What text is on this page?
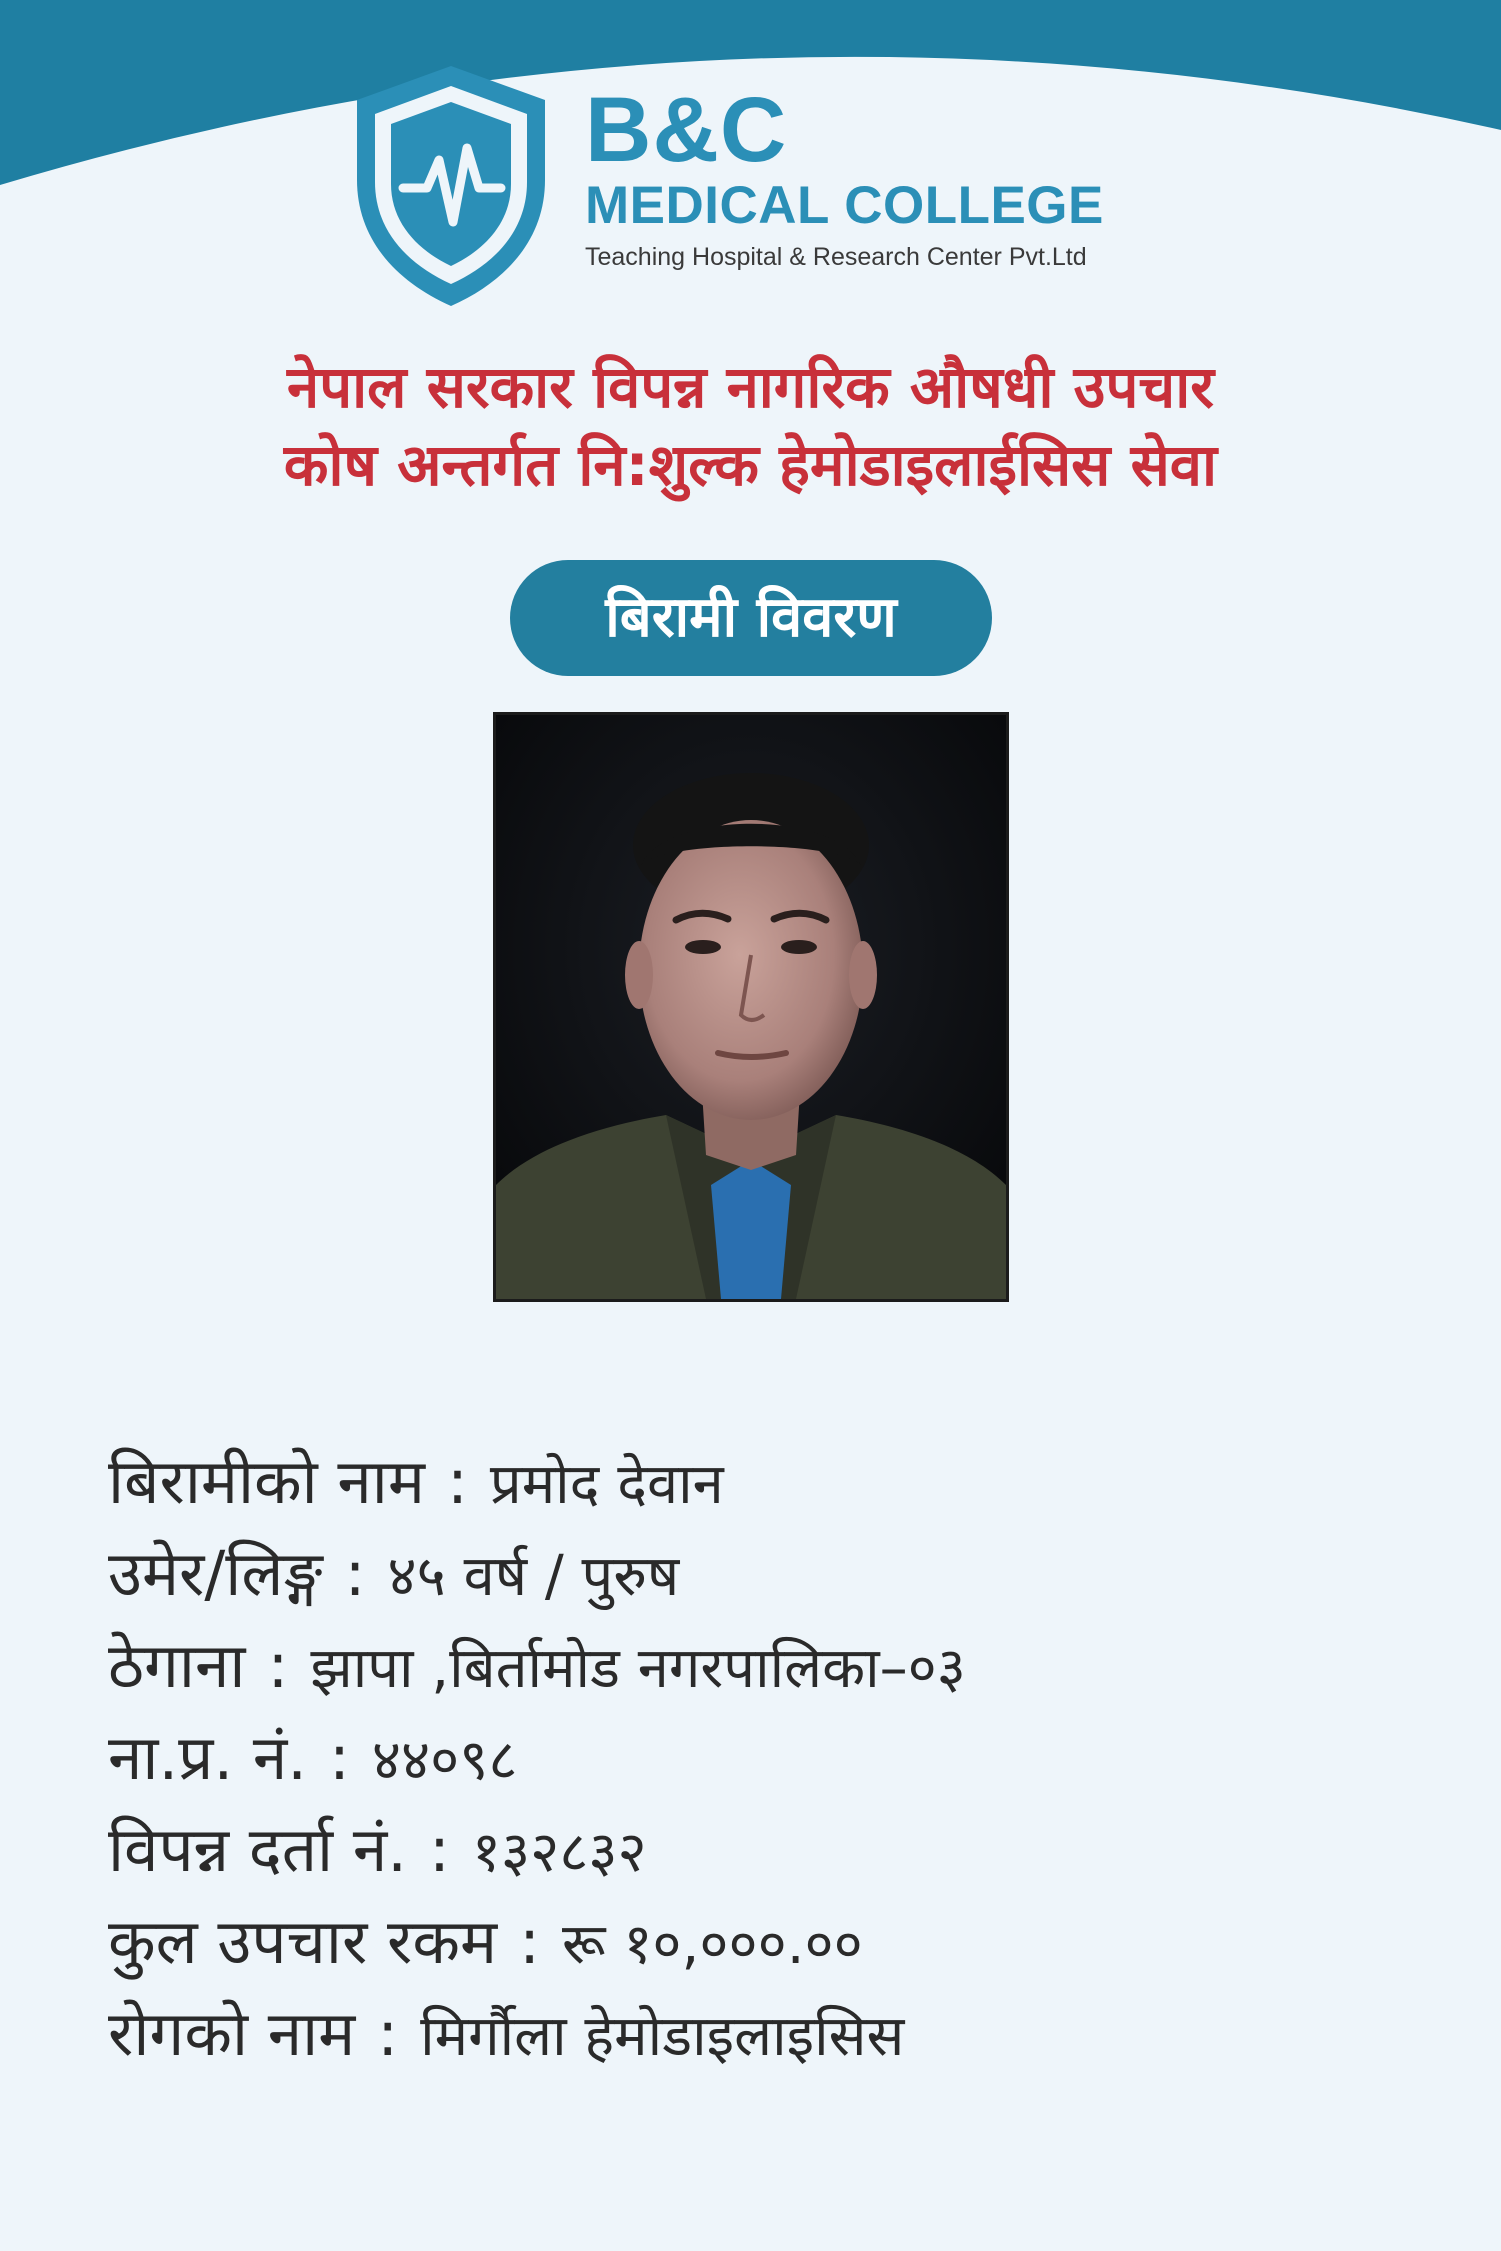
B&C
MEDICAL COLLEGE
Teaching Hospital & Research Center Pvt.Ltd
नेपाल सरकार विपन्न नागरिक औषधी उपचार
कोष अन्तर्गत नि:शुल्क हेमोडाइलाईसिस सेवा
बिरामी विवरण
बिरामीको नाम : प्रमोद देवान
उमेर/लिङ्ग : ४५ वर्ष / पुरुष
ठेगाना : झापा ,बिर्तामोड नगरपालिका–०३
ना.प्र. नं. : ४४०९८
विपन्न दर्ता नं. : १३२८३२
कुल उपचार रकम : रू १०,०००.००
रोगको नाम : मिर्गौला हेमोडाइलाइसिस
